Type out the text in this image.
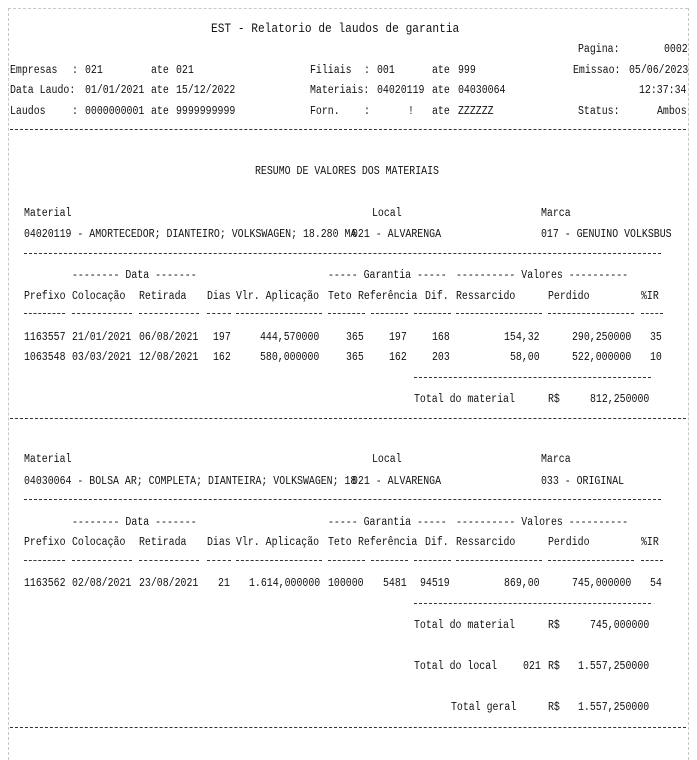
EST - Relatorio de laudos de garantia
Pagina:	0002
Emissao: 05/06/2023
12:37:34
Status:	Ambos
Empresas : 021	ate 021
Data Laudo: 01/01/2021 ate 15/12/2022
Laudos : 0000000001 ate 9999999999
Filiais : 001	ate 999
Materiais: 04020119 ate 04030064
Forn. :	! ate ZZZZZZ
RESUMO DE VALORES DOS MATERIAIS
Material	Local	Marca
04020119 - AMORTECEDOR; DIANTEIRO; VOLKSWAGEN; 18.280 MA
021 - ALVARENGA	017 - GENUINO VOLKSBUS
-------- Data -------	----- Garantia ----- ---------- Valores ----------
Prefixo Colocação Retirada Dias Vlr. Aplicação Teto Referência Dif. Ressarcido	Perdido	%IR
1163557 21/01/2021 06/08/2021 197	444,570000 365 197 168	154,32	290,250000 35
1063548 03/03/2021 12/08/2021 162	580,000000 365 162 203	58,00	522,000000 10
Total do material	R$	812,250000
Material	Local	Marca
04030064 - BOLSA AR; COMPLETA; DIANTEIRA; VOLKSWAGEN; 18
021 - ALVARENGA	033 - ORIGINAL
-------- Data -------	----- Garantia ----- ---------- Valores ----------
Prefixo Colocação Retirada Dias Vlr. Aplicação Teto Referência Dif. Ressarcido	Perdido	%IR
1163562 02/08/2021 23/08/2021 21 1.614,000000 100000 5481 94519	869,00	745,000000 54
Total do material	R$	745,000000
Total do local 021 R$ 1.557,250000
Total geral	R$ 1.557,250000
